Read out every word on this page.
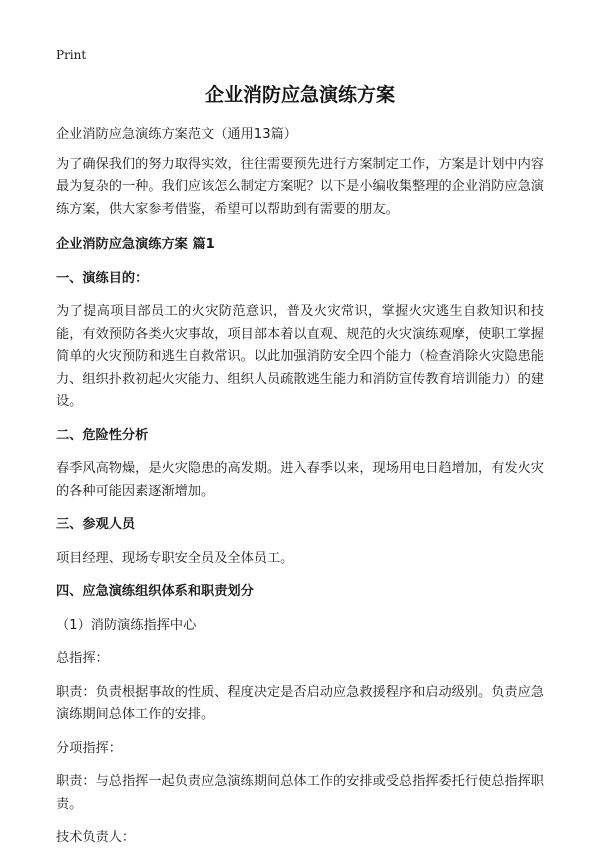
Print
企业消防应急演练方案

企业消防应急演练方案范文（通用13篇）

为了确保我们的努力取得实效，往往需要预先进行方案制定工作，方案是计划中内容最为复杂的一种。我们应该怎么制定方案呢？以下是小编收集整理的企业消防应急演练方案，供大家参考借鉴，希望可以帮助到有需要的朋友。

企业消防应急演练方案 篇1

一、演练目的：

为了提高项目部员工的火灾防范意识，普及火灾常识，掌握火灾逃生自救知识和技能，有效预防各类火灾事故，项目部本着以直观、规范的火灾演练观摩，使职工掌握简单的火灾预防和逃生自救常识。以此加强消防安全四个能力（检查消除火灾隐患能力、组织扑救初起火灾能力、组织人员疏散逃生能力和消防宣传教育培训能力）的建设。

二、危险性分析

春季风高物燥，是火灾隐患的高发期。进入春季以来，现场用电日趋增加，有发火灾的各种可能因素逐渐增加。

三、参观人员

项目经理、现场专职安全员及全体员工。

四、应急演练组织体系和职责划分

（1）消防演练指挥中心

总指挥：

职责：负责根据事故的性质、程度决定是否启动应急救援程序和启动级别。负责应急演练期间总体工作的安排。

分项指挥：

职责：与总指挥一起负责应急演练期间总体工作的安排或受总指挥委托行使总指挥职责。

技术负责人：
